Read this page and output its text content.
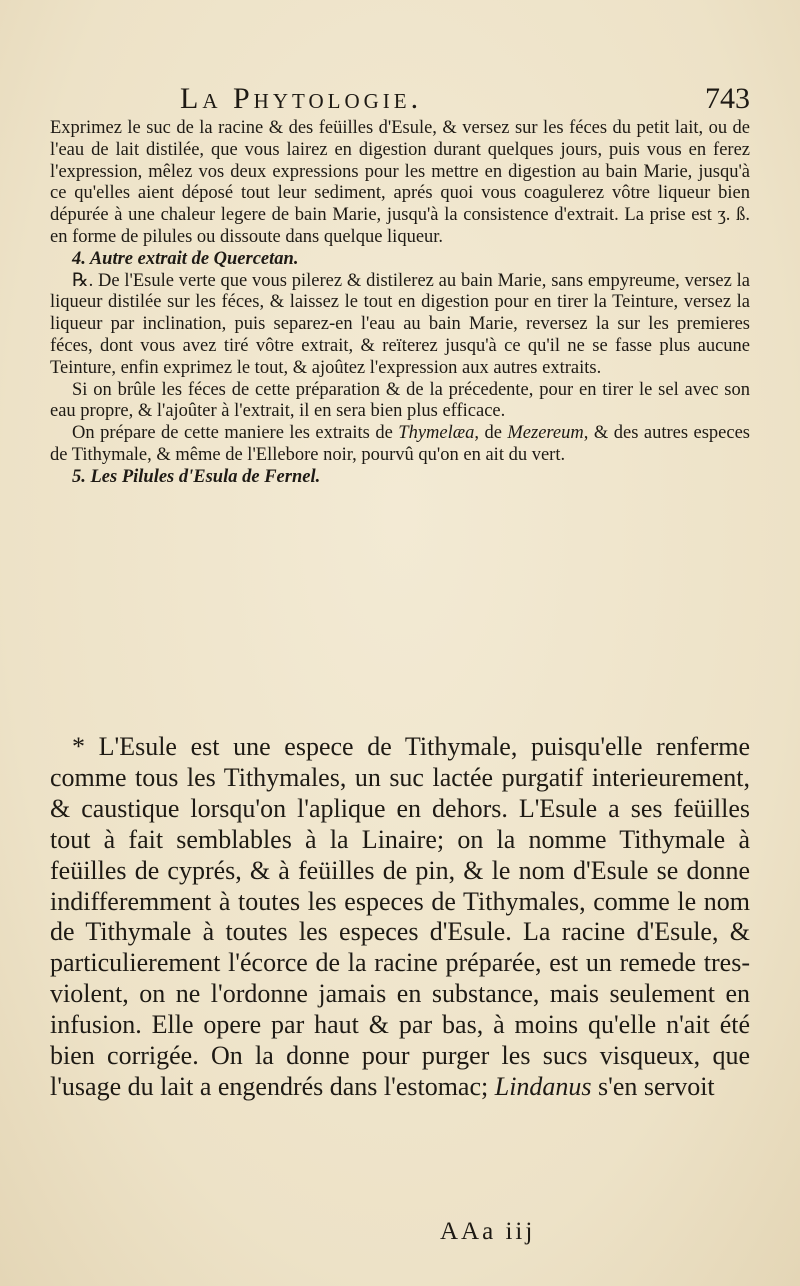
La Phytologie.	743

Exprimez le suc de la racine & des feüilles d'Esule, & versez sur les féces du petit lait, ou de l'eau de lait distilée, que vous lairez en digestion durant quelques jours, puis vous en ferez l'expression, mêlez vos deux expressions pour les mettre en digestion au bain Marie, jusqu'à ce qu'elles aient déposé tout leur sediment, aprés quoi vous coagulerez vôtre liqueur bien dépurée à une chaleur legere de bain Marie, jusqu'à la consistence d'extrait. La prise est ʒ. ß. en forme de pilules ou dissoute dans quelque liqueur.

4. Autre extrait de Quercetan.

℞. De l'Esule verte que vous pilerez & distilerez au bain Marie, sans empyreume, versez la liqueur distilée sur les féces, & laissez le tout en digestion pour en tirer la Teinture, versez la liqueur par inclination, puis separez-en l'eau au bain Marie, reversez la sur les premieres féces, dont vous avez tiré vôtre extrait, & reïterez jusqu'à ce qu'il ne se fasse plus aucune Teinture, enfin exprimez le tout, & ajoûtez l'expression aux autres extraits.

Si on brûle les féces de cette préparation & de la précedente, pour en tirer le sel avec son eau propre, & l'ajoûter à l'extrait, il en sera bien plus efficace.

On prépare de cette maniere les extraits de Thymelæa, de Mezereum, & des autres especes de Tithymale, & même de l'Ellebore noir, pourvû qu'on en ait du vert.

5. Les Pilules d'Esula de Fernel.

* L'Esule est une espece de Tithymale, puisqu'elle renferme comme tous les Tithymales, un suc lactée purgatif interieurement, & caustique lorsqu'on l'aplique en dehors. L'Esule a ses feüilles tout à fait semblables à la Linaire; on la nomme Tithymale à feüilles de cyprés, & à feüilles de pin, & le nom d'Esule se donne indifferemment à toutes les especes de Tithymales, comme le nom de Tithymale à toutes les especes d'Esule. La racine d'Esule, & particulierement l'écorce de la racine préparée, est un remede tres-violent, on ne l'ordonne jamais en substance, mais seulement en infusion. Elle opere par haut & par bas, à moins qu'elle n'ait été bien corrigée. On la donne pour purger les sucs visqueux, que l'usage du lait a engendrés dans l'estomac; Lindanus s'en servoit

AAa iij
